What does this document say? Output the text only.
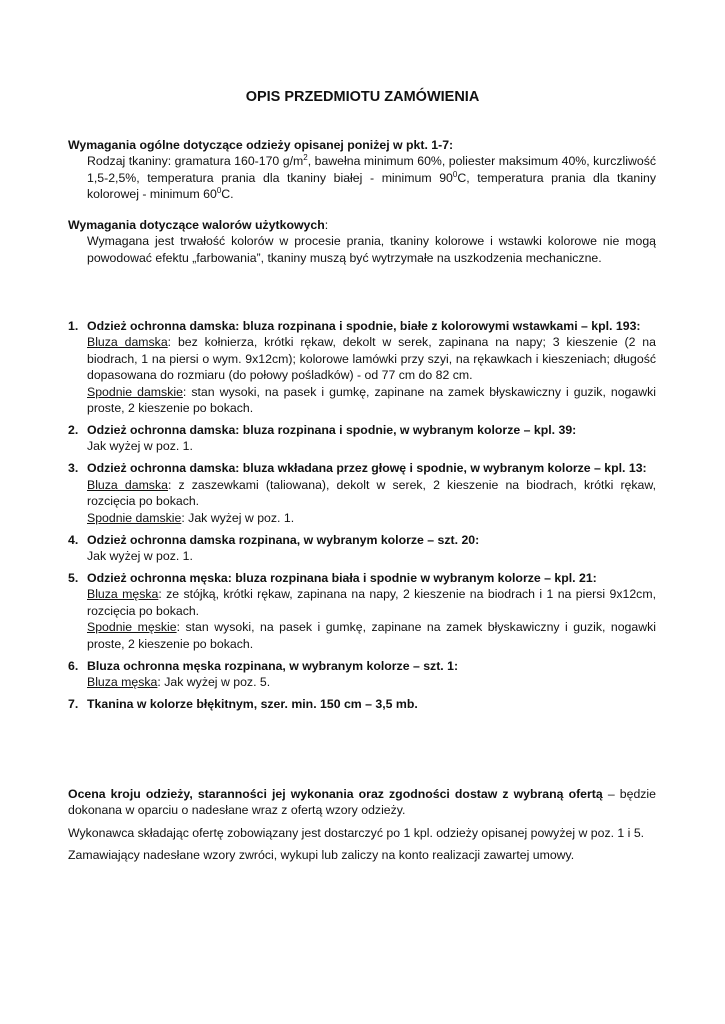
OPIS PRZEDMIOTU ZAMÓWIENIA
Wymagania ogólne dotyczące odzieży opisanej poniżej w pkt. 1-7:
Rodzaj tkaniny: gramatura 160-170 $g/m^2$, bawełna minimum 60%, poliester maksimum 40%, kurczliwość 1,5-2,5%, temperatura prania dla tkaniny białej - minimum $90^0C$, temperatura prania dla tkaniny kolorowej - minimum $60^0C$.
Wymagania dotyczące walorów użytkowych:
Wymagana jest trwałość kolorów w procesie prania, tkaniny kolorowe i wstawki kolorowe nie mogą powodować efektu „farbowania”, tkaniny muszą być wytrzymałe na uszkodzenia mechaniczne.
1. Odzież ochronna damska: bluza rozpinana i spodnie, białe z kolorowymi wstawkami – kpl. 193:
Bluza damska: bez kołnierza, krótki rękaw, dekolt w serek, zapinana na napy; 3 kieszenie (2 na biodrach, 1 na piersi o wym. 9x12cm); kolorowe lamówki przy szyi, na rękawkach i kieszeniach; długość dopasowana do rozmiaru (do połowy pośladków) - od 77 cm do 82 cm.
Spodnie damskie: stan wysoki, na pasek i gumkę, zapinane na zamek błyskawiczny i guzik, nogawki proste, 2 kieszenie po bokach.
2. Odzież ochronna damska: bluza rozpinana i spodnie, w wybranym kolorze – kpl. 39:
Jak wyżej w poz. 1.
3. Odzież ochronna damska: bluza wkładana przez głowę i spodnie, w wybranym kolorze – kpl. 13:
Bluza damska: z zaszewkami (taliowana), dekolt w serek, 2 kieszenie na biodrach, krótki rękaw, rozcięcia po bokach.
Spodnie damskie: Jak wyżej w poz. 1.
4. Odzież ochronna damska rozpinana, w wybranym kolorze – szt. 20:
Jak wyżej w poz. 1.
5. Odzież ochronna męska: bluza rozpinana biała i spodnie w wybranym kolorze – kpl. 21:
Bluza męska: ze stójką, krótki rękaw, zapinana na napy, 2 kieszenie na biodrach i 1 na piersi 9x12cm, rozcięcia po bokach.
Spodnie męskie: stan wysoki, na pasek i gumkę, zapinane na zamek błyskawiczny i guzik, nogawki proste, 2 kieszenie po bokach.
6. Bluza ochronna męska rozpinana, w wybranym kolorze – szt. 1:
Bluza męska: Jak wyżej w poz. 5.
7. Tkanina w kolorze błękitnym, szer. min. 150 cm – 3,5 mb.
Ocena kroju odzieży, staranności jej wykonania oraz zgodności dostaw z wybraną ofertą – będzie dokonana w oparciu o nadesłane wraz z ofertą wzory odzieży.
Wykonawca składając ofertę zobowiązany jest dostarczyć po 1 kpl. odzieży opisanej powyżej w poz. 1 i 5.
Zamawiający nadesłane wzory zwróci, wykupi lub zaliczy na konto realizacji zawartej umowy.
